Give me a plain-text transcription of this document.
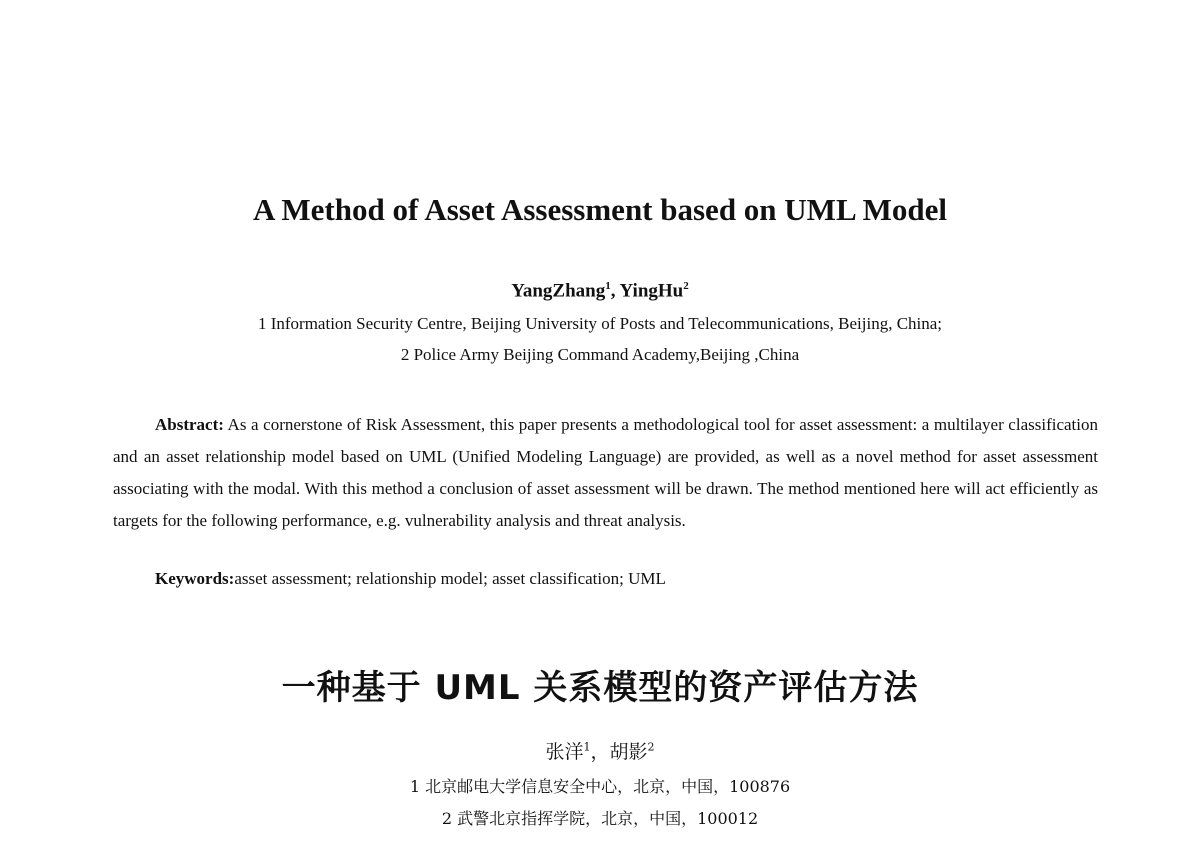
A Method of Asset Assessment based on UML Model
YangZhang$^1$, YingHu$^2$
1 Information Security Centre, Beijing University of Posts and Telecommunications, Beijing, China;
2 Police Army Beijing Command Academy,Beijing ,China

Abstract: As a cornerstone of Risk Assessment, this paper presents a methodological tool for asset assessment: a multilayer classification and an asset relationship model based on UML (Unified Modeling Language) are provided, as well as a novel method for asset assessment associating with the modal. With this method a conclusion of asset assessment will be drawn. The method mentioned here will act efficiently as targets for the following performance, e.g. vulnerability analysis and threat analysis.

Keywords:asset assessment; relationship model; asset classification; UML
一种基于 UML 关系模型的资产评估方法
张洋$^1$，胡影$^2$
1 北京邮电大学信息安全中心，北京，中国，100876
2 武警北京指挥学院，北京，中国，100012
